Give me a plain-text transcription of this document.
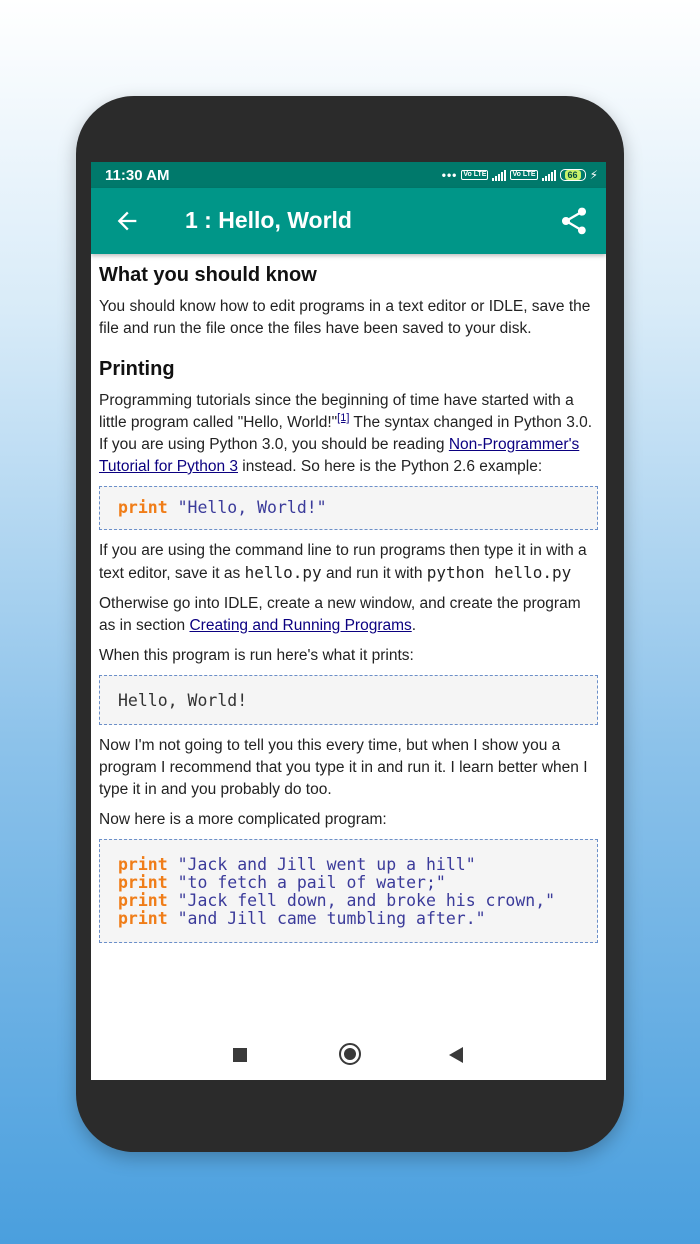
11:30 AM	••• Vo LTE	Vo LTE	66	⚡
1 : Hello, World
What you should know

You should know how to edit programs in a text editor or IDLE, save the file and run the file once the files have been saved to your disk.

Printing

Programming tutorials since the beginning of time have started with a little program called "Hello, World!"[1] The syntax changed in Python 3.0. If you are using Python 3.0, you should be reading Non-Programmer's Tutorial for Python 3 instead. So here is the Python 2.6 example:

print "Hello, World!"

If you are using the command line to run programs then type it in with a text editor, save it as hello.py and run it with python hello.py

Otherwise go into IDLE, create a new window, and create the program as in section Creating and Running Programs.

When this program is run here's what it prints:

Hello, World!

Now I'm not going to tell you this every time, but when I show you a program I recommend that you type it in and run it. I learn better when I type it in and you probably do too.

Now here is a more complicated program:

print "Jack and Jill went up a hill"
print "to fetch a pail of water;"
print "Jack fell down, and broke his crown,"
print "and Jill came tumbling after."
